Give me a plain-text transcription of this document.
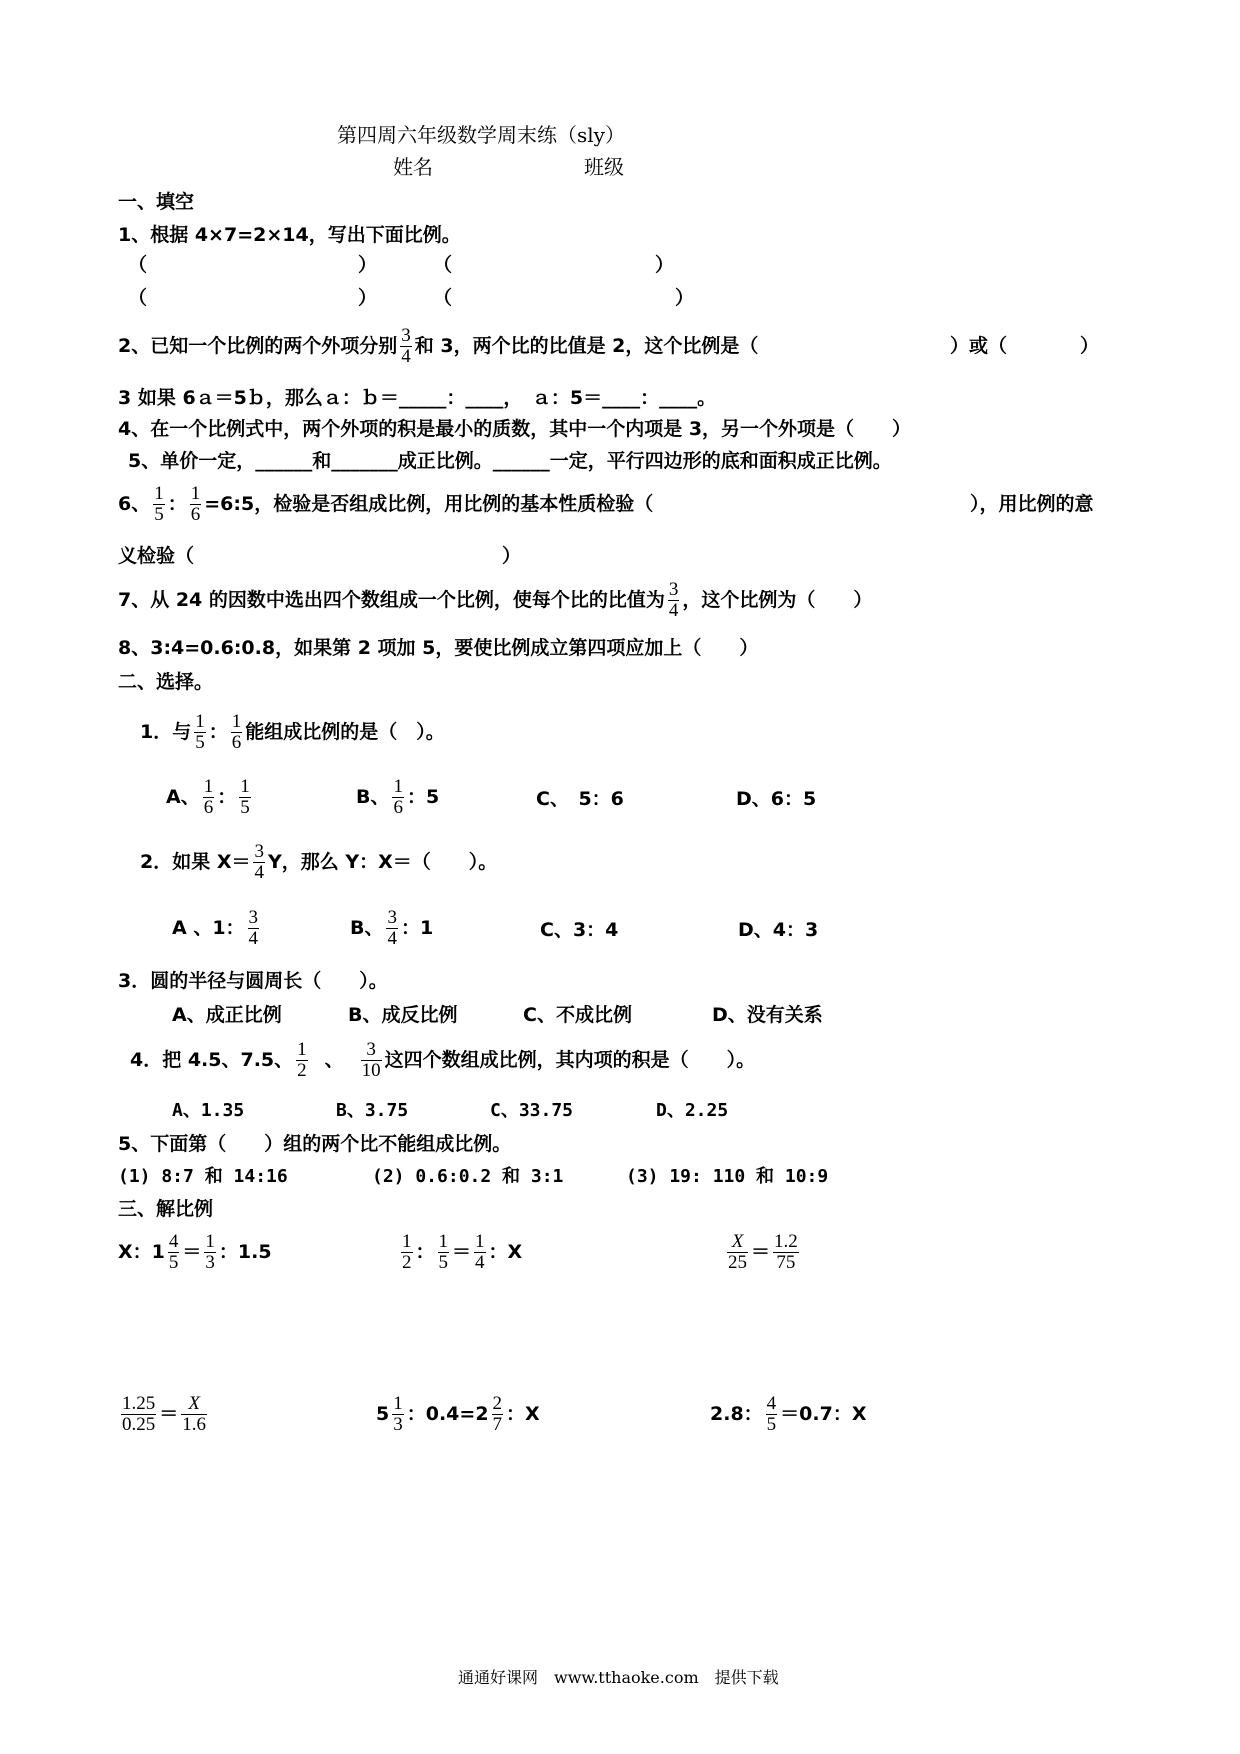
第四周六年级数学周末练（sly）
姓名	班级
一、填空
1、根据 4×7=2×14，写出下面比例。
（	）	（	）
（	）	（	）
2、已知一个比例的两个外项分别 $\frac{3}{4}$ 和 3，两个比的比值是 2，这个比例是（	）或（	）
3 如果 6ａ＝5ｂ，那么ａ：ｂ＝_____：____，　ａ：5＝____：____。
4、在一个比例式中，两个外项的积是最小的质数，其中一个内项是 3，另一个外项是（　　）
5、单价一定，______和_______成正比例。______一定，平行四边形的底和面积成正比例。
6、 $\frac{1}{5}$ ： $\frac{1}{6}$ =6:5，检验是否组成比例，用比例的基本性质检验（	），用比例的意
义检验（	）
7、从 24 的因数中选出四个数组成一个比例，使每个比的比值为 $\frac{3}{4}$ ，这个比例为（　　）
8、3:4=0.6:0.8，如果第 2 项加 5，要使比例成立第四项应加上（　　）
二、选择。
1．与 $\frac{1}{5}$ ： $\frac{1}{6}$ 能组成比例的是（　）。
A、 $\frac{1}{6}$ ： $\frac{1}{5}$	B、 $\frac{1}{6}$ ：5	C、　5：6	D、6：5
2．如果 $X= \frac{3}{4}$ Y，那么 Y：X＝（　　）。
A 、1： $\frac{3}{4}$	B、 $\frac{3}{4}$ ：1	C、3：4	D、4：3
3．圆的半径与圆周长（　　）。
A、成正比例	B、成反比例	C、不成比例	D、没有关系
4．把 4.5、7.5、 $\frac{1}{2}$ 、 $\frac{3}{10}$ 这四个数组成比例，其内项的积是（　　）。
A、1.35	B、3.75	C、33.75	D、2.25
5、下面第（　　）组的两个比不能组成比例。
(1) 8:7 和 14:16	(2) 0.6:0.2 和 3:1	(3) 19: 110 和 10:9
三、解比例
X：$1 \frac{4}{5} = \frac{1}{3}$ ：1.5	$\frac{1}{2}$ ： $\frac{1}{5} = \frac{1}{4}$ ：X	$\frac{X}{25} = \frac{1.2}{75}$
$\frac{1.25}{0.25} = \frac{X}{1.6}$	$5 \frac{1}{3}$ ：$0.4=2 \frac{2}{7}$ ：X	2.8： $\frac{4}{5} =0.7$：X
通通好课网　www.tthaoke.com　提供下载
